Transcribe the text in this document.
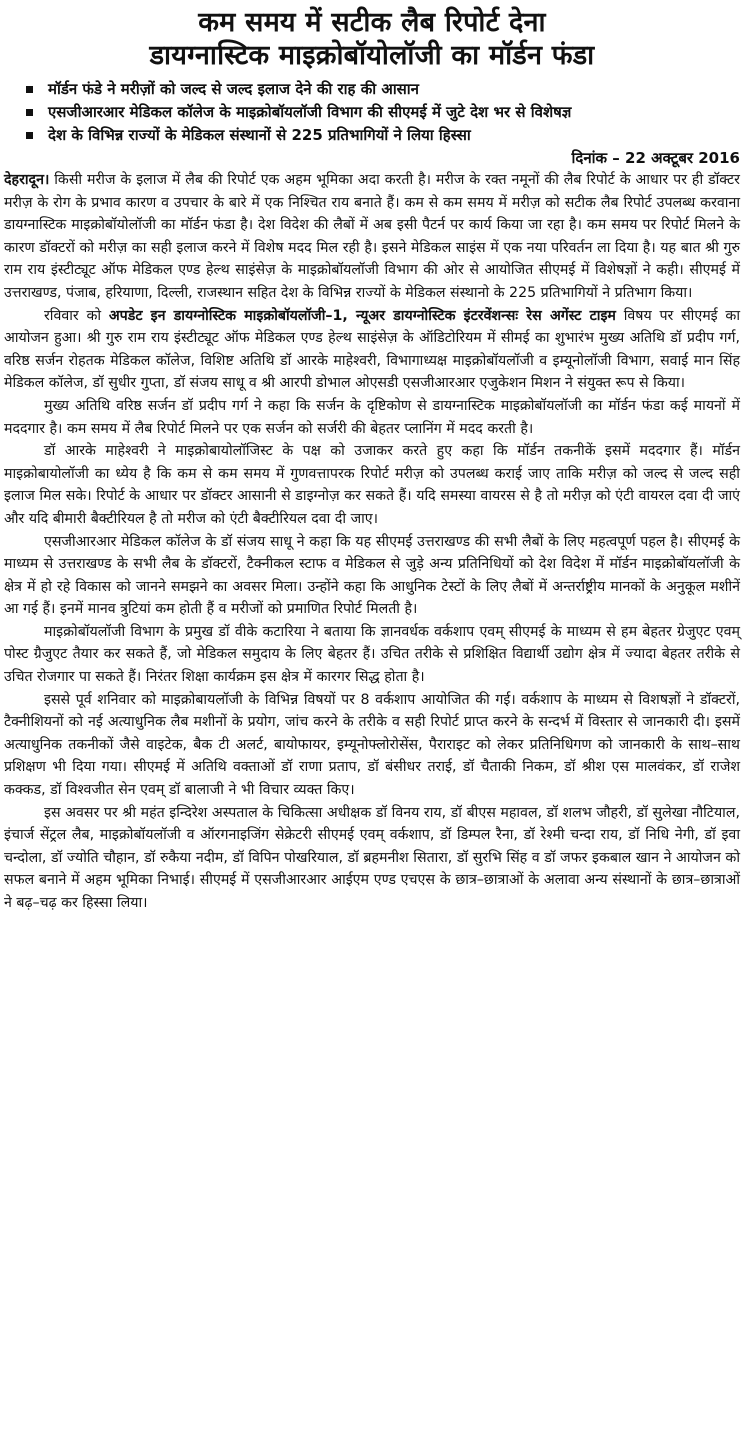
कम समय में सटीक लैब रिपोर्ट देना
डायग्नास्टिक माइक्रोबॉयोलॉजी का मॉर्डन फंडा
मॉर्डन फंडे ने मरीज़ों को जल्द से जल्द इलाज देने की राह की आसान
एसजीआरआर मेडिकल कॉलेज के माइक्रोबॉयलॉजी विभाग की सीएमई में जुटे देश भर से विशेषज्ञ
देश के विभिन्न राज्यों के मेडिकल संस्थानों से 225 प्रतिभागियों ने लिया हिस्सा
दिनांक – 22 अक्टूबर 2016

देहरादून। किसी मरीज के इलाज में लैब की रिपोर्ट एक अहम भूमिका अदा करती है। मरीज के रक्त नमूनों की लैब रिपोर्ट के आधार पर ही डॉक्टर मरीज़ के रोग के प्रभाव कारण व उपचार के बारे में एक निश्चित राय बनाते हैं। कम से कम समय में मरीज़ को सटीक लैब रिपोर्ट उपलब्ध करवाना डायग्नास्टिक माइक्रोबॉयोलॉजी का मॉर्डन फंडा है। देश विदेश की लैबों में अब इसी पैटर्न पर कार्य किया जा रहा है। कम समय पर रिपोर्ट मिलने के कारण डॉक्टरों को मरीज़ का सही इलाज करने में विशेष मदद मिल रही है। इसने मेडिकल साइंस में एक नया परिवर्तन ला दिया है। यह बात श्री गुरु राम राय इंस्टीट्यूट ऑफ मेडिकल एण्ड हेल्थ साइंसेज़ के माइक्रोबॉयलॉजी विभाग की ओर से आयोजित सीएमई में विशेषज्ञों ने कही। सीएमई में उत्तराखण्ड, पंजाब, हरियाणा, दिल्ली, राजस्थान सहित देश के विभिन्न राज्यों के मेडिकल संस्थानो के 225 प्रतिभागियों ने प्रतिभाग किया।

रविवार को अपडेट इन डायग्नोस्टिक माइक्रोबॉयलॉजी–1, न्यूअर डायग्नोस्टिक इंटरवेंशन्सः रेस अगेंस्ट टाइम विषय पर सीएमई का आयोजन हुआ। श्री गुरु राम राय इंस्टीट्यूट ऑफ मेडिकल एण्ड हेल्थ साइंसेज़ के ऑडिटोरियम में सीमई का शुभारंभ मुख्य अतिथि डॉ प्रदीप गर्ग, वरिष्ठ सर्जन रोहतक मेडिकल कॉलेज, विशिष्ट अतिथि डॉ आरके माहेश्वरी, विभागाध्यक्ष माइक्रोबॉयलॉजी व इम्यूनोलॉजी विभाग, सवाई मान सिंह मेडिकल कॉलेज, डॉ सुधीर गुप्ता, डॉ संजय साधू व श्री आरपी डोभाल ओएसडी एसजीआरआर एजुकेशन मिशन ने संयुक्त रूप से किया।

मुख्य अतिथि वरिष्ठ सर्जन डॉ प्रदीप गर्ग ने कहा कि सर्जन के दृष्टिकोण से डायग्नास्टिक माइक्रोबॉयलॉजी का मॉर्डन फंडा कई मायनों में मददगार है। कम समय में लैब रिपोर्ट मिलने पर एक सर्जन को सर्जरी की बेहतर प्लानिंग में मदद करती है।

डॉ आरके माहेश्वरी ने माइक्रोबायोलॉजिस्ट के पक्ष को उजाकर करते हुए कहा कि मॉर्डन तकनीकें इसमें मददगार हैं। मॉर्डन माइक्रोबायोलॉजी का ध्येय है कि कम से कम समय में गुणवत्तापरक रिपोर्ट मरीज़ को उपलब्ध कराई जाए ताकि मरीज़ को जल्द से जल्द सही इलाज मिल सके। रिपोर्ट के आधार पर डॉक्टर आसानी से डाइग्नोज़ कर सकते हैं। यदि समस्या वायरस से है तो मरीज़ को एंटी वायरल दवा दी जाएं और यदि बीमारी बैक्टीरियल है तो मरीज को एंटी बैक्टीरियल दवा दी जाए।

एसजीआरआर मेडिकल कॉलेज के डॉ संजय साधू ने कहा कि यह सीएमई उत्तराखण्ड की सभी लैबों के लिए महत्वपूर्ण पहल है। सीएमई के माध्यम से उत्तराखण्ड के सभी लैब के डॉक्टरों, टैक्नीकल स्टाफ व मेडिकल से जुड़े अन्य प्रतिनिधियों को देश विदेश में मॉर्डन माइक्रोबॉयलॉजी के क्षेत्र में हो रहे विकास को जानने समझने का अवसर मिला। उन्होंने कहा कि आधुनिक टेस्टों के लिए लैबों में अन्तर्राष्ट्रीय मानकों के अनुकूल मशीनें आ गई हैं। इनमें मानव त्रुटियां कम होती हैं व मरीजों को प्रमाणित रिपोर्ट मिलती है।

माइक्रोबॉयलॉजी विभाग के प्रमुख डॉ वीके कटारिया ने बताया कि ज्ञानवर्धक वर्कशाप एवम् सीएमई के माध्यम से हम बेहतर ग्रेजुएट एवम् पोस्ट ग्रैजुएट तैयार कर सकते हैं, जो मेडिकल समुदाय के लिए बेहतर हैं। उचित तरीके से प्रशिक्षित विद्यार्थी उद्योग क्षेत्र में ज्यादा बेहतर तरीके से उचित रोजगार पा सकते हैं। निरंतर शिक्षा कार्यक्रम इस क्षेत्र में कारगर सिद्ध होता है।

इससे पूर्व शनिवार को माइक्रोबायलॉजी के विभिन्न विषयों पर 8 वर्कशाप आयोजित की गई। वर्कशाप के माध्यम से विशषज्ञों ने डॉक्टरों, टैक्नीशियनों को नई अत्याधुनिक लैब मशीनों के प्रयोग, जांच करने के तरीके व सही रिपोर्ट प्राप्त करने के सन्दर्भ में विस्तार से जानकारी दी। इसमें अत्याधुनिक तकनीकों जैसे वाइटेक, बैक टी अलर्ट, बायोफायर, इम्यूनोफ्लोरोसेंस, पैराराइट को लेकर प्रतिनिधिगण को जानकारी के साथ–साथ प्रशिक्षण भी दिया गया। सीएमई में अतिथि वक्ताओं डॉ राणा प्रताप, डॉ बंसीधर तराई, डॉ चैताकी निकम, डॉ श्रीश एस मालवंकर, डॉ राजेश कक्कड, डॉ विश्वजीत सेन एवम् डॉ बालाजी ने भी विचार व्यक्त किए।

इस अवसर पर श्री महंत इन्दिरेश अस्पताल के चिकित्सा अधीक्षक डॉ विनय राय, डॉ बीएस महावल, डॉ शलभ जौहरी, डॉ सुलेखा नौटियाल, इंचार्ज सेंट्रल लैब, माइक्रोबॉयलॉजी व ऑरगनाइजिंग सेक्रेटरी सीएमई एवम् वर्कशाप, डॉ डिम्पल रैना, डॉ रेश्मी चन्दा राय, डॉ निधि नेगी, डॉ इवा चन्दोला, डॉ ज्योति चौहान, डॉ रुकैया नदीम, डॉ विपिन पोखरियाल, डॉ ब्रहमनीश सितारा, डॉ सुरभि सिंह व डॉ जफर इकबाल खान ने आयोजन को सफल बनाने में अहम भूमिका निभाई। सीएमई में एसजीआरआर आईएम एण्ड एचएस के छात्र–छात्राओं के अलावा अन्य संस्थानों के छात्र–छात्राओं ने बढ़–चढ़ कर हिस्सा लिया।
